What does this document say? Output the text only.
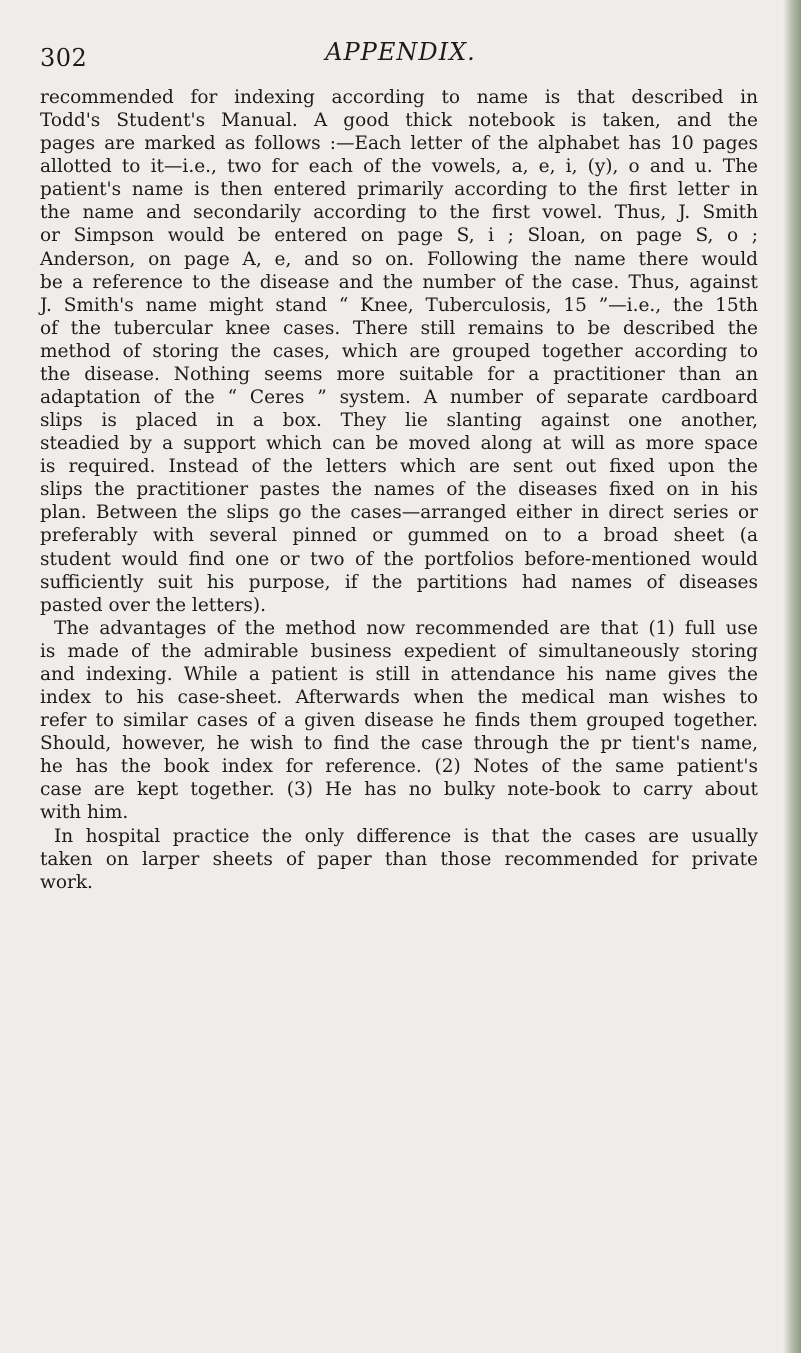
302	APPENDIX.
recommended for indexing according to name is that described in
Todd's Student's Manual. A good thick notebook is taken, and the
pages are marked as follows :—Each letter of the alphabet has 10 pages
allotted to it—i.e., two for each of the vowels, a, e, i, (y), o and u. The
patient's name is then entered primarily according to the first letter in
the name and secondarily according to the first vowel. Thus, J. Smith
or Simpson would be entered on page S, i ; Sloan, on page S, o ;
Anderson, on page A, e, and so on. Following the name there would
be a reference to the disease and the number of the case. Thus, against
J. Smith's name might stand “ Knee, Tuberculosis, 15 ”—i.e., the 15th
of the tubercular knee cases. There still remains to be described the
method of storing the cases, which are grouped together according to
the disease. Nothing seems more suitable for a practitioner than an
adaptation of the “ Ceres ” system. A number of separate cardboard
slips is placed in a box. They lie slanting against one another,
steadied by a support which can be moved along at will as more space
is required. Instead of the letters which are sent out fixed upon the
slips the practitioner pastes the names of the diseases fixed on in his
plan. Between the slips go the cases—arranged either in direct series or
preferably with several pinned or gummed on to a broad sheet (a
student would find one or two of the portfolios before-mentioned would
sufficiently suit his purpose, if the partitions had names of diseases
pasted over the letters).
The advantages of the method now recommended are that (1) full use
is made of the admirable business expedient of simultaneously storing
and indexing. While a patient is still in attendance his name gives the
index to his case-sheet. Afterwards when the medical man wishes to
refer to similar cases of a given disease he finds them grouped together.
Should, however, he wish to find the case through the pr tient's name,
he has the book index for reference. (2) Notes of the same patient's
case are kept together. (3) He has no bulky note-book to carry about
with him.
In hospital practice the only difference is that the cases are usually
taken on larper sheets of paper than those recommended for private
work.
